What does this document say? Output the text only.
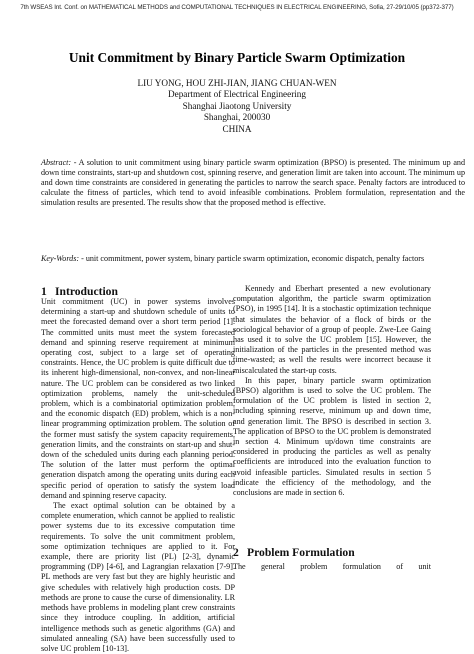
7th WSEAS Int. Conf. on MATHEMATICAL METHODS and COMPUTATIONAL TECHNIQUES IN ELECTRICAL ENGINEERING, Sofia, 27-29/10/05 (pp372-377)
Unit Commitment by Binary Particle Swarm Optimization
LIU YONG, HOU ZHI-JIAN, JIANG CHUAN-WEN
Department of Electrical Engineering
Shanghai Jiaotong University
Shanghai, 200030
CHINA
Abstract: - A solution to unit commitment using binary particle swarm optimization (BPSO) is presented. The minimum up and down time constraints, start-up and shutdown cost, spinning reserve, and generation limit are taken into account. The minimum up and down time constraints are considered in generating the particles to narrow the search space. Penalty factors are introduced to calculate the fitness of particles, which tend to avoid infeasible combinations. Problem formulation, representation and the simulation results are presented. The results show that the proposed method is effective.
Key-Words: - unit commitment, power system, binary particle swarm optimization, economic dispatch, penalty factors
1 Introduction

Unit commitment (UC) in power systems involves determining a start-up and shutdown schedule of units to meet the forecasted demand over a short term period [1]. The committed units must meet the system forecasted demand and spinning reserve requirement at minimum operating cost, subject to a large set of operating constraints. Hence, the UC problem is quite difficult due to its inherent high-dimensional, non-convex, and non-linear nature. The UC problem can be considered as two linked optimization problems, namely the unit-scheduled problem, which is a combinatorial optimization problem, and the economic dispatch (ED) problem, which is a non-linear programming optimization problem. The solution of the former must satisfy the system capacity requirements, generation limits, and the constraints on start-up and shut-down of the scheduled units during each planning period. The solution of the latter must perform the optimal generation dispatch among the operating units during each specific period of operation to satisfy the system load demand and spinning reserve capacity.

The exact optimal solution can be obtained by a complete enumeration, which cannot be applied to realistic power systems due to its excessive computation time requirements. To solve the unit commitment problem, some optimization techniques are applied to it. For example, there are priority list (PL) [2-3], dynamic programming (DP) [4-6], and Lagrangian relaxation [7-9]. PL methods are very fast but they are highly heuristic and give schedules with relatively high production costs. DP methods are prone to cause the curse of dimensionality. LR methods have problems in modeling plant crew constraints since they introduce coupling. In addition, artificial intelligence methods such as genetic algorithms (GA) and simulated annealing (SA) have been successfully used to solve UC problem [10-13].

Kennedy and Eberhart presented a new evolutionary computation algorithm, the particle swarm optimization (PSO), in 1995 [14]. It is a stochastic optimization technique that simulates the behavior of a flock of birds or the sociological behavior of a group of people. Zwe-Lee Gaing has used it to solve the UC problem [15]. However, the initialization of the particles in the presented method was time-wasted; as well the results were incorrect because it miscalculated the start-up costs.

In this paper, binary particle swarm optimization (BPSO) algorithm is used to solve the UC problem. The formulation of the UC problem is listed in section 2, including spinning reserve, minimum up and down time, and generation limit. The BPSO is described in section 3. The application of BPSO to the UC problem is demonstrated in section 4. Minimum up/down time constraints are considered in producing the particles as well as penalty coefficients are introduced into the evaluation function to avoid infeasible particles. Simulated results in section 5 indicate the efficiency of the methodology, and the conclusions are made in section 6.

2 Problem Formulation
The general problem formulation of unit
